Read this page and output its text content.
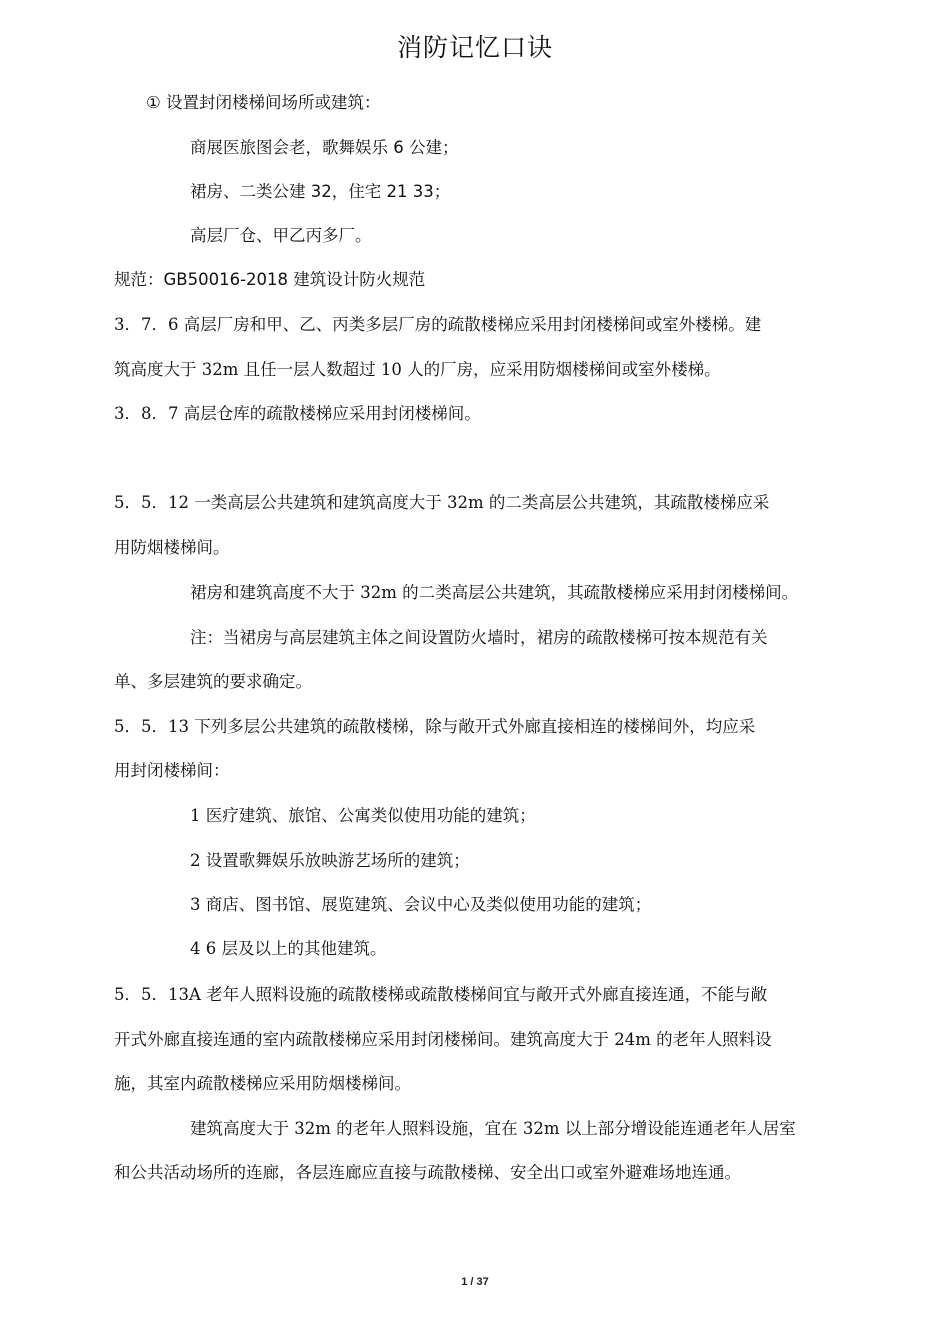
消防记忆口诀
① 设置封闭楼梯间场所或建筑：
商展医旅图会老，歌舞娱乐 6 公建；
裙房、二类公建 32，住宅 21 33；
高层厂仓、甲乙丙多厂。
规范：GB50016-2018 建筑设计防火规范
3．7．6 高层厂房和甲、乙、丙类多层厂房的疏散楼梯应采用封闭楼梯间或室外楼梯。建
筑高度大于 32m 且任一层人数超过 10 人的厂房，应采用防烟楼梯间或室外楼梯。
3．8．7 高层仓库的疏散楼梯应采用封闭楼梯间。
5．5．12 一类高层公共建筑和建筑高度大于 32m 的二类高层公共建筑，其疏散楼梯应采
用防烟楼梯间。
裙房和建筑高度不大于 32m 的二类高层公共建筑，其疏散楼梯应采用封闭楼梯间。
注：当裙房与高层建筑主体之间设置防火墙时，裙房的疏散楼梯可按本规范有关
单、多层建筑的要求确定。
5．5．13 下列多层公共建筑的疏散楼梯，除与敞开式外廊直接相连的楼梯间外，均应采
用封闭楼梯间：
1 医疗建筑、旅馆、公寓类似使用功能的建筑；
2 设置歌舞娱乐放映游艺场所的建筑；
3 商店、图书馆、展览建筑、会议中心及类似使用功能的建筑；
4 6 层及以上的其他建筑。
5．5．13A 老年人照料设施的疏散楼梯或疏散楼梯间宜与敞开式外廊直接连通，不能与敞
开式外廊直接连通的室内疏散楼梯应采用封闭楼梯间。建筑高度大于 24m 的老年人照料设
施，其室内疏散楼梯应采用防烟楼梯间。
建筑高度大于 32m 的老年人照料设施，宜在 32m 以上部分增设能连通老年人居室
和公共活动场所的连廊，各层连廊应直接与疏散楼梯、安全出口或室外避难场地连通。
1 / 37
